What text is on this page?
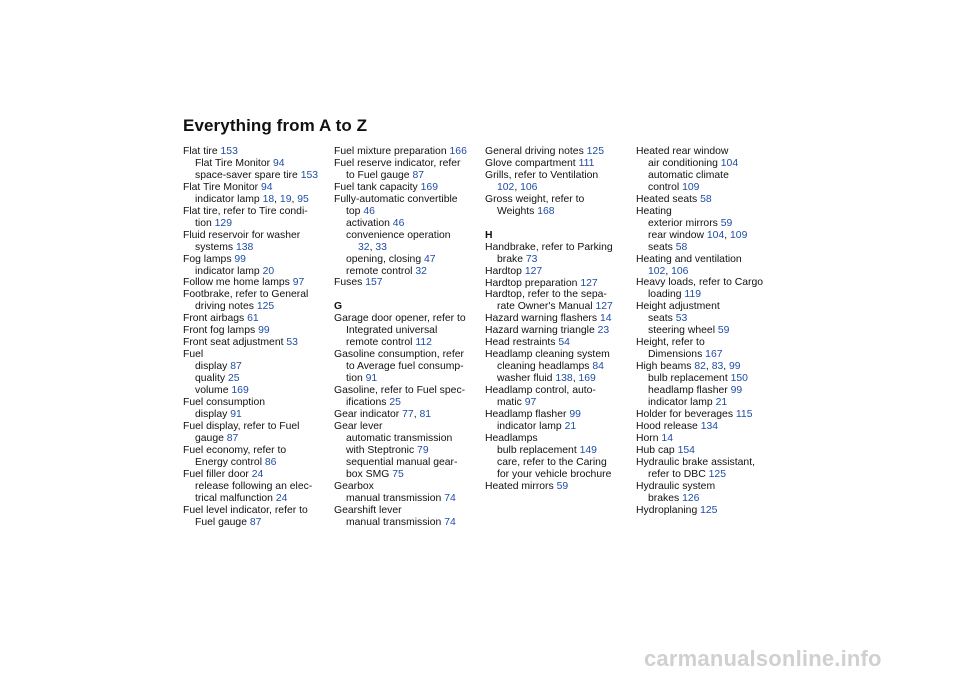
Everything from A to Z
Flat tire 153
Flat Tire Monitor 94
space-saver spare tire 153
Flat Tire Monitor 94
indicator lamp 18, 19, 95
Flat tire, refer to Tire condi-
tion 129
Fluid reservoir for washer
systems 138
Fog lamps 99
indicator lamp 20
Follow me home lamps 97
Footbrake, refer to General
driving notes 125
Front airbags 61
Front fog lamps 99
Front seat adjustment 53
Fuel
display 87
quality 25
volume 169
Fuel consumption
display 91
Fuel display, refer to Fuel
gauge 87
Fuel economy, refer to
Energy control 86
Fuel filler door 24
release following an elec-
trical malfunction 24
Fuel level indicator, refer to
Fuel gauge 87
Fuel mixture preparation 166
Fuel reserve indicator, refer
to Fuel gauge 87
Fuel tank capacity 169
Fully-automatic convertible
top 46
activation 46
convenience operation
32, 33
opening, closing 47
remote control 32
Fuses 157
G
Garage door opener, refer to
Integrated universal
remote control 112
Gasoline consumption, refer
to Average fuel consump-
tion 91
Gasoline, refer to Fuel spec-
ifications 25
Gear indicator 77, 81
Gear lever
automatic transmission
with Steptronic 79
sequential manual gear-
box SMG 75
Gearbox
manual transmission 74
Gearshift lever
manual transmission 74
General driving notes 125
Glove compartment 111
Grills, refer to Ventilation
102, 106
Gross weight, refer to
Weights 168
H
Handbrake, refer to Parking
brake 73
Hardtop 127
Hardtop preparation 127
Hardtop, refer to the sepa-
rate Owner's Manual 127
Hazard warning flashers 14
Hazard warning triangle 23
Head restraints 54
Headlamp cleaning system
cleaning headlamps 84
washer fluid 138, 169
Headlamp control, auto-
matic 97
Headlamp flasher 99
indicator lamp 21
Headlamps
bulb replacement 149
care, refer to the Caring
for your vehicle brochure
Heated mirrors 59
Heated rear window
air conditioning 104
automatic climate
control 109
Heated seats 58
Heating
exterior mirrors 59
rear window 104, 109
seats 58
Heating and ventilation
102, 106
Heavy loads, refer to Cargo
loading 119
Height adjustment
seats 53
steering wheel 59
Height, refer to
Dimensions 167
High beams 82, 83, 99
bulb replacement 150
headlamp flasher 99
indicator lamp 21
Holder for beverages 115
Hood release 134
Horn 14
Hub cap 154
Hydraulic brake assistant,
refer to DBC 125
Hydraulic system
brakes 126
Hydroplaning 125
carmanualsonline.info
